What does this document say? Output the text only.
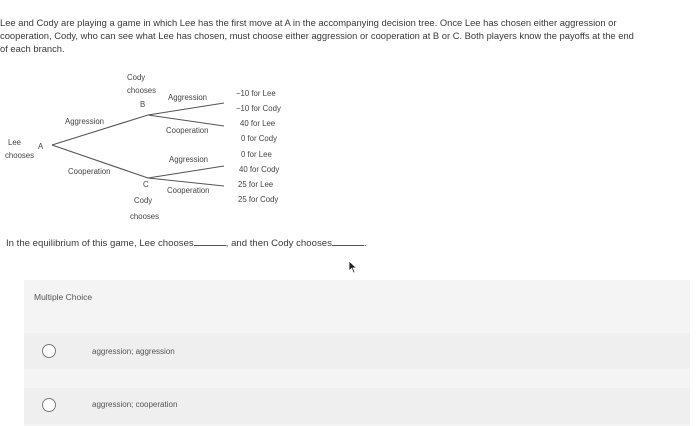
Lee and Cody are playing a game in which Lee has the first move at A in the accompanying decision tree. Once Lee has chosen either aggression or
cooperation, Cody, who can see what Lee has chosen, must choose either aggression or cooperation at B or C. Both players know the payoffs at the end
of each branch.
Lee
chooses
A
Cody
chooses
B
Aggression
Cooperation
Aggression
Cooperation
C
Cody
chooses
Aggression
Cooperation
−10 for Lee
−10 for Cody
40 for Lee
0 for Cody
0 for Lee
40 for Cody
25 for Lee
25 for Cody
In the equilibrium of this game, Lee chooses	, and then Cody chooses	.
Multiple Choice
aggression; aggression
aggression; cooperation
